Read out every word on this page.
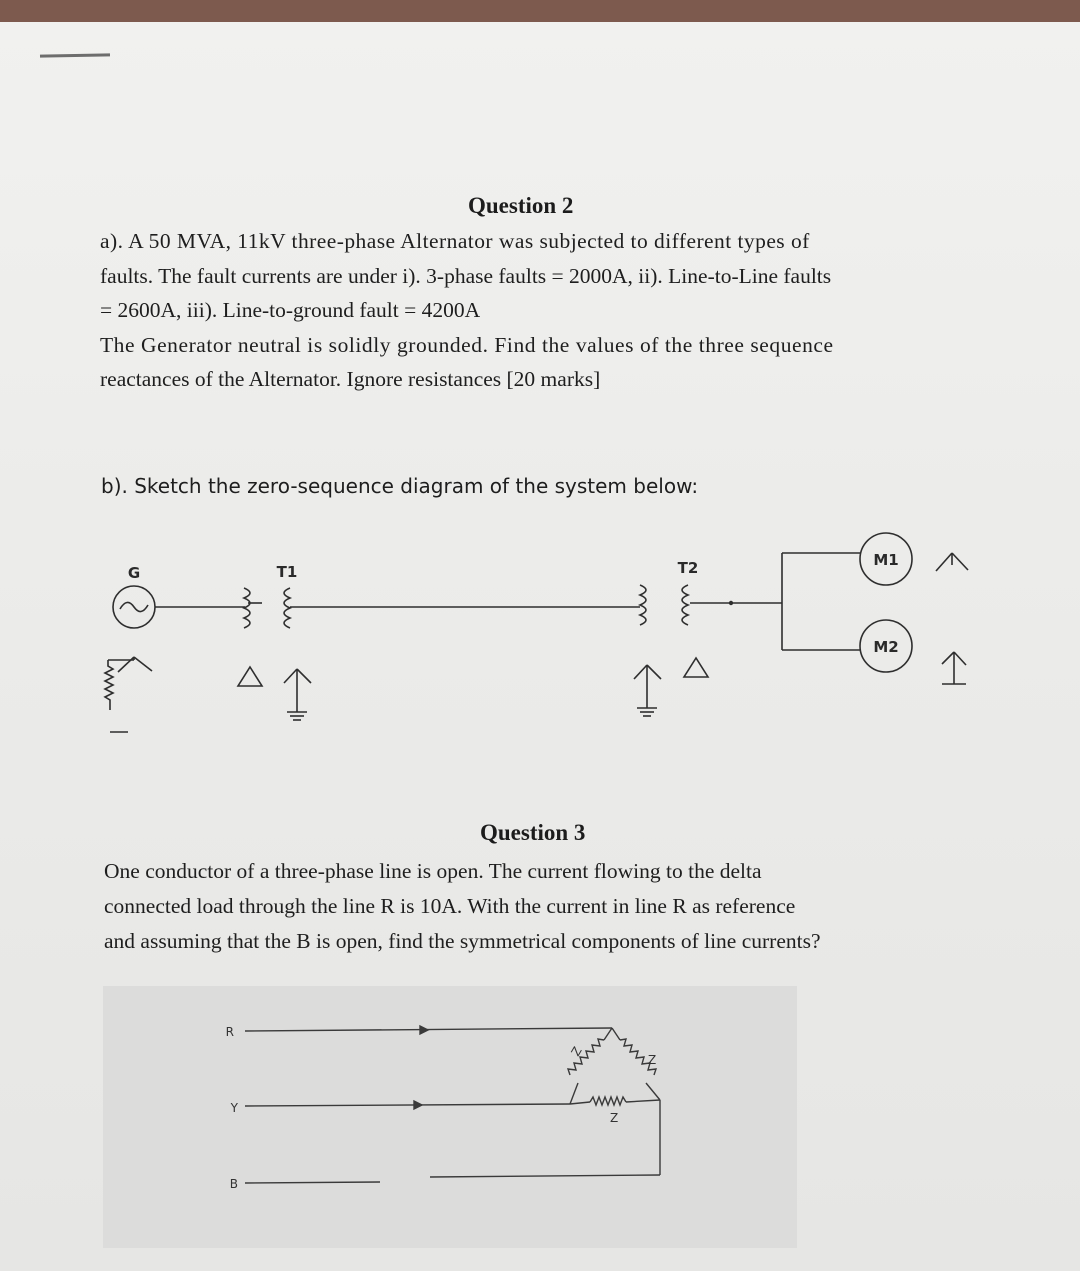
Question 2

a). A 50 MVA, 11kV three-phase Alternator was subjected to different types of

faults. The fault currents are under i). 3-phase faults = 2000A, ii). Line-to-Line faults

= 2600A, iii). Line-to-ground fault = 4200A

The Generator neutral is solidly grounded. Find the values of the three sequence

reactances of the Alternator. Ignore resistances [20 marks]

b). Sketch the zero-sequence diagram of the system below:
G	T1	T2	M1
M2
Question 3

One conductor of a three-phase line is open. The current flowing to the delta

connected load through the line R is 10A. With the current in line R as reference

and assuming that the B is open, find the symmetrical components of line currents?

R
Y
B
Z
Z
Z
